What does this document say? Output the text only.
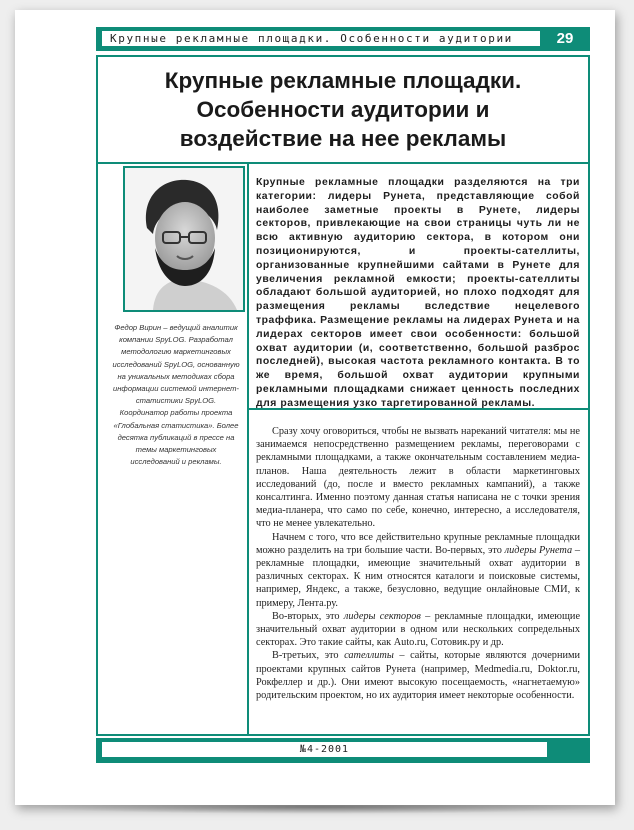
Крупные рекламные площадки. Особенности аудитории	29
Крупные рекламные площадки.
Особенности аудитории и
воздействие на нее рекламы
Федор Вирин – ведущий аналитик компании SpyLOG. Разработал методологию маркетинговых исследований SpyLOG, основанную на уникальных методиках сбора информации системой интернет-статистики SpyLOG. Координатор работы проекта «Глобальная статистика». Более десятка публикаций в прессе на темы маркетинговых исследований и рекламы.

Крупные рекламные площадки разделяются на три категории: лидеры Рунета, представляющие собой наиболее заметные проекты в Рунете, лидеры секторов, привлекающие на свои страницы чуть ли не всю активную аудиторию сектора, в котором они позиционируются, и проекты-сателлиты, организованные крупнейшими сайтами в Рунете для увеличения рекламной емкости; проекты-сателлиты обладают большой аудиторией, но плохо подходят для размещения рекламы вследствие нецелевого траффика. Размещение рекламы на лидерах Рунета и на лидерах секторов имеет свои особенности: большой охват аудитории (и, соответственно, большой разброс последней), высокая частота рекламного контакта. В то же время, большой охват аудитории крупными рекламными площадками снижает ценность последних для размещения узко таргетированной рекламы.

Сразу хочу оговориться, чтобы не вызвать нареканий читателя: мы не занимаемся непосредственно размещением рекламы, переговорами с рекламными площадками, а также окончательным составлением медиа-планов. Наша деятельность лежит в области маркетинговых исследований (до, после и вместо рекламных кампаний), а также консалтинга. Именно поэтому данная статья написана не с точки зрения медиа-планера, что само по себе, конечно, интересно, а исследователя, что не менее увлекательно.

Начнем с того, что все действительно крупные рекламные площадки можно разделить на три большие части. Во-первых, это лидеры Рунета – рекламные площадки, имеющие значительный охват аудитории в различных секторах. К ним относятся каталоги и поисковые системы, например, Яндекс, а также, безусловно, ведущие онлайновые СМИ, к примеру, Лента.ру.

Во-вторых, это лидеры секторов – рекламные площадки, имеющие значительный охват аудитории в одном или нескольких сопредельных секторах. Это такие сайты, как Auto.ru, Сотовик.ру и др.

В-третьих, это сателлиты – сайты, которые являются дочерними проектами крупных сайтов Рунета (например, Medmedia.ru, Doktor.ru, Рокфеллер и др.). Они имеют высокую посещаемость, «нагнетаемую» родительским проектом, но их аудитория имеет некоторые особенности.

№4-2001
